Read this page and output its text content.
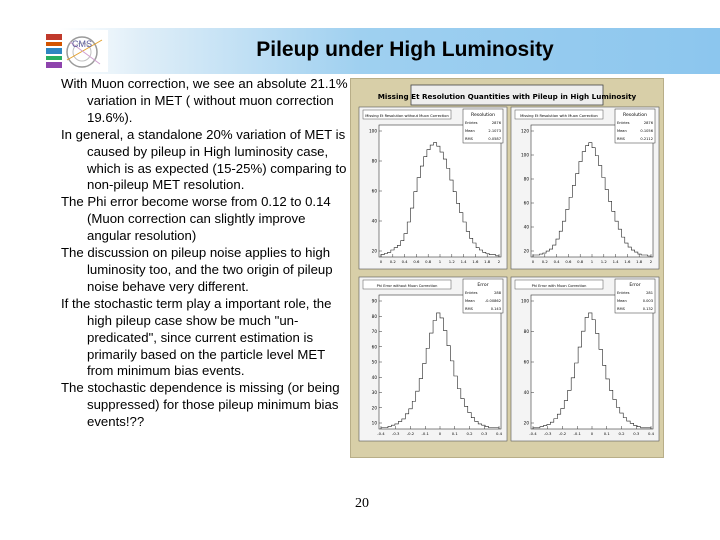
CMS	Pileup under High Luminosity

With Muon correction, we see an absolute 21.1% variation in MET ( without muon correction 19.6%).

In general, a standalone 20% variation of MET is caused by pileup in High luminosity case, which is as expected (15-25%) comparing to non-pileup MET resolution.

The Phi error become worse from 0.12 to 0.14 (Muon correction can slightly improve angular resolution)

The discussion on pileup noise applies to high luminosity too, and the two origin of pileup noise behave very different.

If the stochastic term play a important role, the high pileup case show be much "un-predicated", since current estimation is primarily based on the particle level MET from minimum bias events.

The stochastic dependence is missing (or being suppressed) for those pileup minimum bias events!??

Missing Et Resolution Quantities with Pileup in High Luminosity
Missing Et Resolution without Muon Correction
100
80
60
40
20
0 0.2 0.4 0.6 0.8 1 1.2 1.4 1.6 1.8 2
Resolution
Entries	2876
Mean	2.1073
RMS	0.0587
Missing Et Resolution with Muon Correction
120
100
80
60
40
20
0 0.2 0.4 0.6 0.8 1 1.2 1.4 1.6 1.8 2
Resolution
Entries	2876
Mean	0.1056
RMS	0.2112
Phi Error without Muon Correction
90
80
70
60
50
40
30
20
10
-0.4 -0.3 -0.2 -0.1	0	0.1 0.2 0.3 0.4
Error
Entries	288
Mean	-0.00862
RMS	0.143
Phi Error with Muon Correction
100
80
60
40
20
-0.4 -0.3 -0.2 -0.1	0	0.1 0.2 0.3 0.4
Error
Entries	281
Mean	0.003
RMS	0.132
20
